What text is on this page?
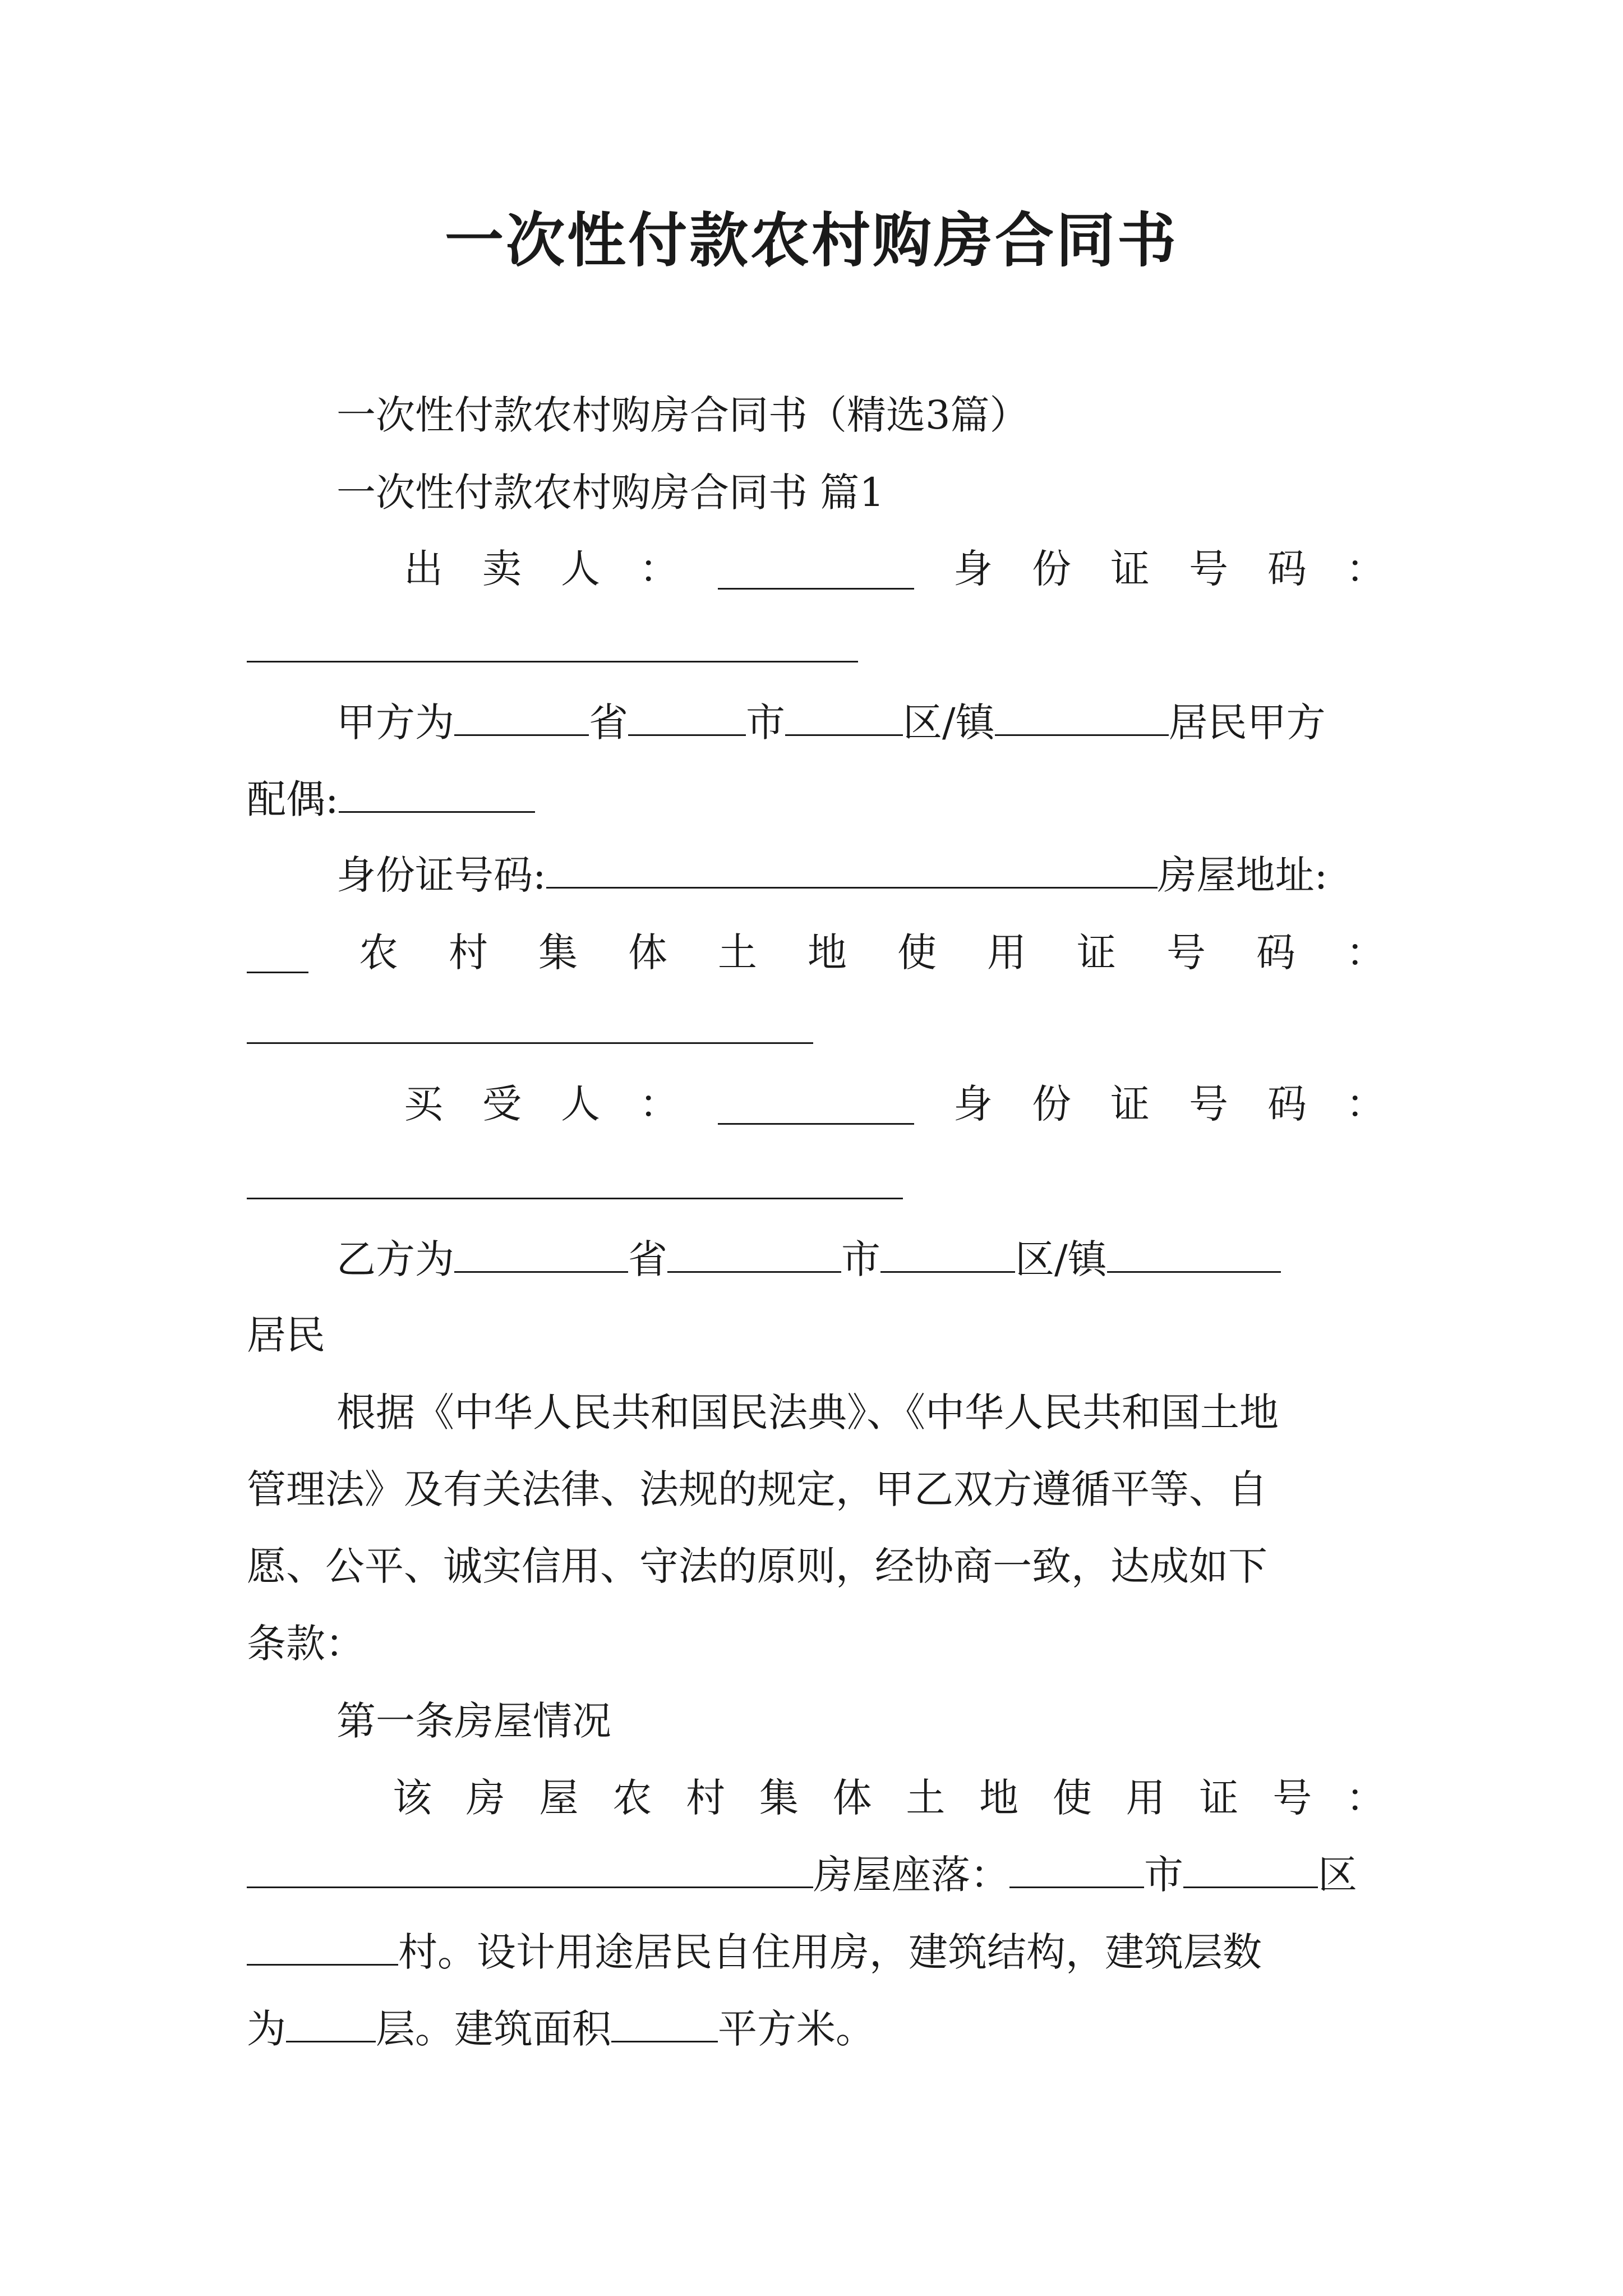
一次性付款农村购房合同书
一次性付款农村购房合同书（精选3篇）
一次性付款农村购房合同书 篇1
出 卖 人 ：	身 份 证 号 码 ：
甲方为	省	市	区/镇	居民甲方
配偶:
身份证号码:	房屋地址:
农 村 集 体 土 地 使 用 证 号 码 ：
买 受 人 ：	身 份 证 号 码 ：
乙方为	省	市	区/镇
居民
根据《中华人民共和国民法典》、《中华人民共和国土地
管理法》及有关法律、法规的规定，甲乙双方遵循平等、自
愿、公平、诚实信用、守法的原则，经协商一致，达成如下
条款：
第一条房屋情况
该 房 屋 农 村 集 体 土 地 使 用 证 号 ：
房屋座落：	市	区
村。设计用途居民自住用房，建筑结构，建筑层数
为 层。建筑面积	平方米。
